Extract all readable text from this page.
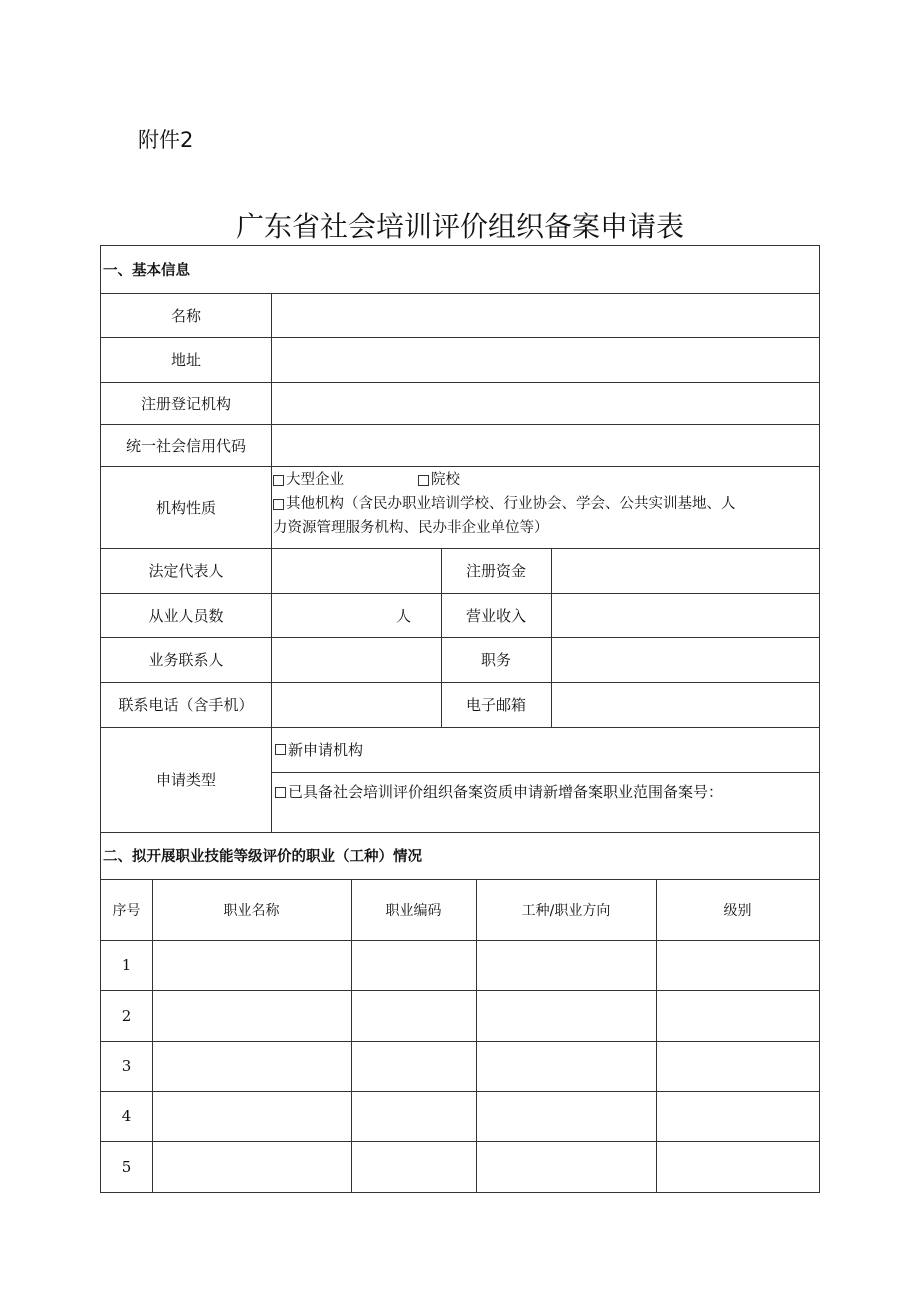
附件2
广东省社会培训评价组织备案申请表
一、基本信息
名称
地址
注册登记机构
统一社会信用代码
机构性质
大型企业	院校
其他机构（含民办职业培训学校、行业协会、学会、公共实训基地、人
力资源管理服务机构、民办非企业单位等）
法定代表人	注册资金
从业人员数	人	营业收入
业务联系人	职务
联系电话（含手机）	电子邮箱
申请类型
新申请机构
已具备社会培训评价组织备案资质申请新增备案职业范围备案号：
二、拟开展职业技能等级评价的职业（工种）情况
序号	职业名称	职业编码	工种/职业方向	级别
1
2
3
4
5
